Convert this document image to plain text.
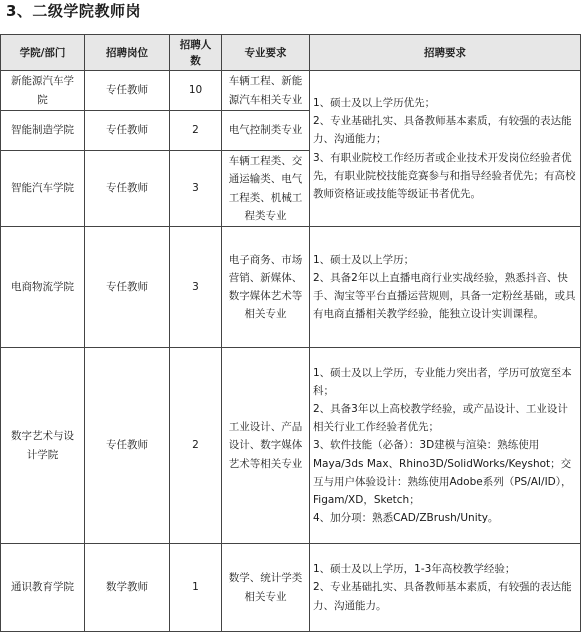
3、二级学院教师岗
学院/部门	招聘岗位	招聘人数	专业要求	招聘要求
新能源汽车学院	专任教师	10	车辆工程、新能源汽车相关专业	1、硕士及以上学历优先；
2、专业基础扎实、具备教师基本素质，有较强的表达能力、沟通能力；
3、有职业院校工作经历者或企业技术开发岗位经验者优先，有职业院校技能竞赛参与和指导经验者优先；有高校教师资格证或技能等级证书者优先。

智能制造学院	专任教师	2	电气控制类专业	
智能汽车学院	专任教师	3	车辆工程类、交通运输类、电气工程类、机械工程类专业	
电商物流学院	专任教师	3	电子商务、市场营销、新媒体、数字媒体艺术等相关专业	1、硕士及以上学历；
2、具备2年以上直播电商行业实战经验，熟悉抖音、快手、淘宝等平台直播运营规则，具备一定粉丝基础，或具有电商直播相关教学经验，能独立设计实训课程。

数字艺术与设计学院	专任教师	2	工业设计、产品设计、数字媒体艺术等相关专业	1、硕士及以上学历，专业能力突出者，学历可放宽至本科；
2、具备3年以上高校教学经验，或产品设计、工业设计相关行业工作经验者优先；
3、软件技能（必备）：3D建模与渲染：熟练使用Maya/3ds Max、Rhino3D/SolidWorks/Keyshot；交互与用户体验设计：熟练使用Adobe系列（PS/AI/ID），Figam/XD，Sketch；
4、加分项：熟悉CAD/ZBrush/Unity。

通识教育学院	数学教师	1	数学、统计学类相关专业	1、硕士及以上学历，1-3年高校教学经验；
2、专业基础扎实、具备教师基本素质，有较强的表达能力、沟通能力。
